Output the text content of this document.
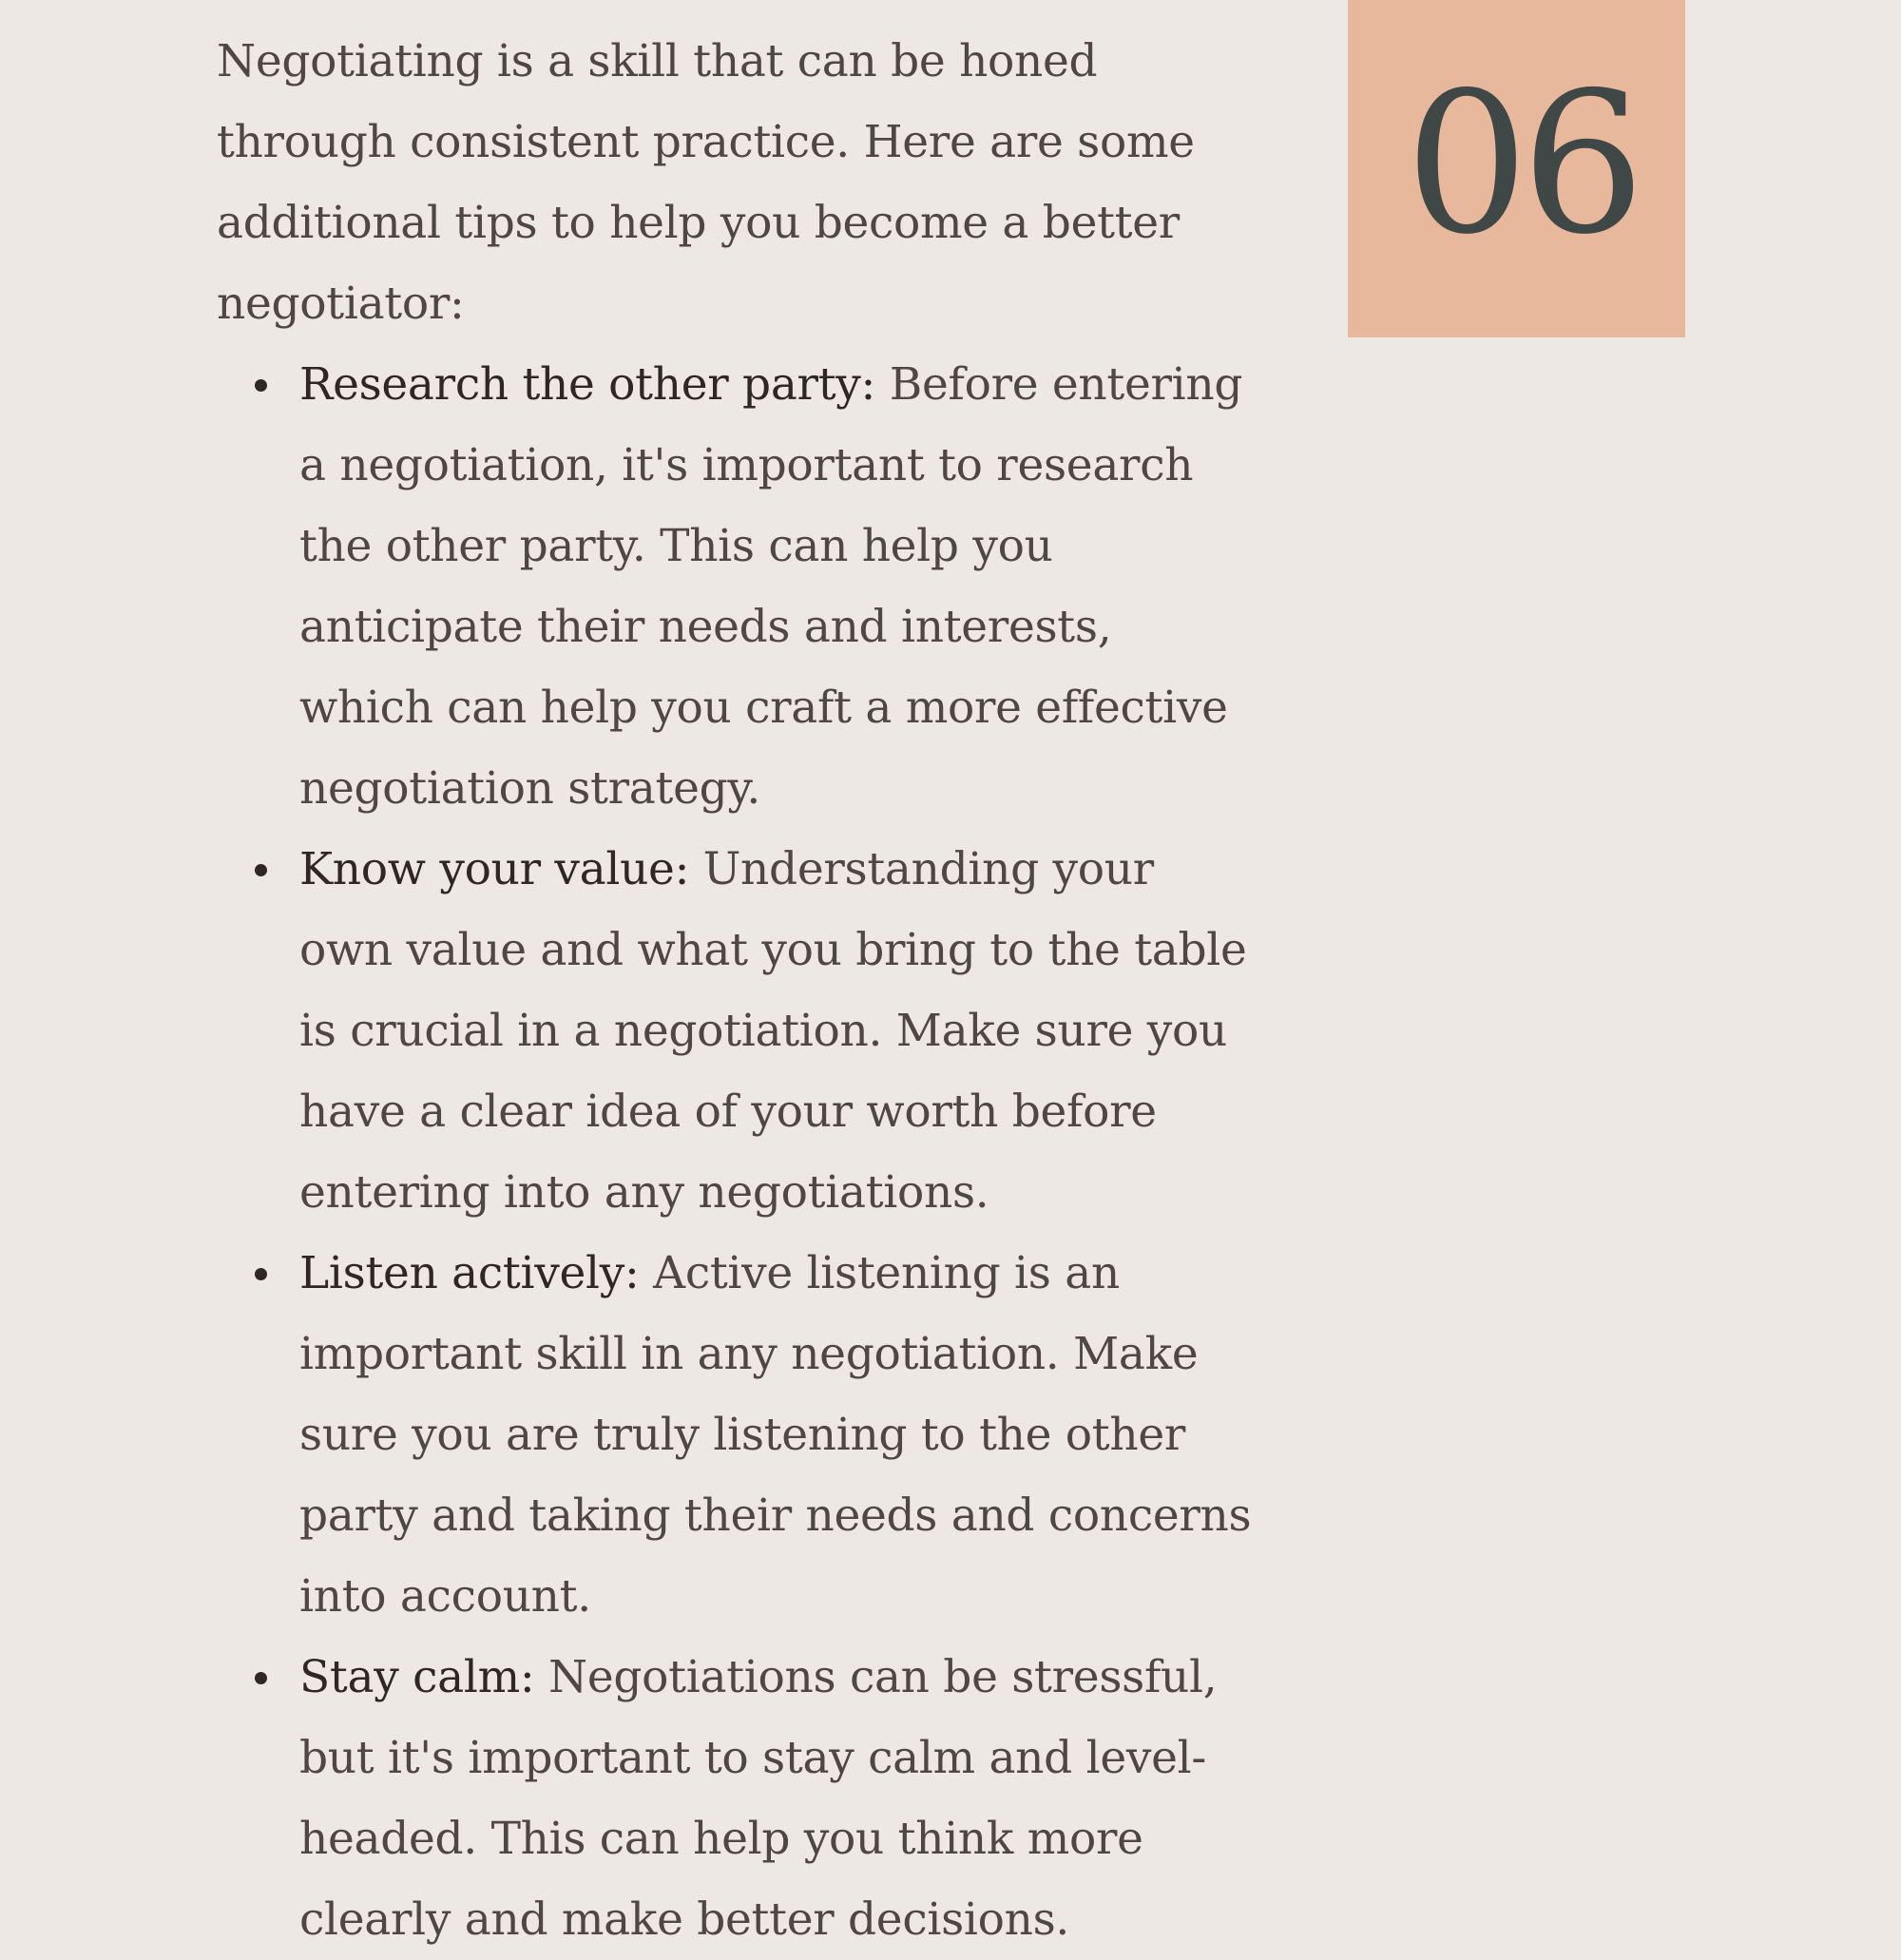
06

Negotiating is a skill that can be honed through consistent practice. Here are some additional tips to help you become a better negotiator:

Research the other party: Before entering a negotiation, it's important to research the other party. This can help you anticipate their needs and interests, which can help you craft a more effective negotiation strategy.
Know your value: Understanding your own value and what you bring to the table is crucial in a negotiation. Make sure you have a clear idea of your worth before entering into any negotiations.
Listen actively: Active listening is an important skill in any negotiation. Make sure you are truly listening to the other party and taking their needs and concerns into account.
Stay calm: Negotiations can be stressful, but it's important to stay calm and level-headed. This can help you think more clearly and make better decisions.
